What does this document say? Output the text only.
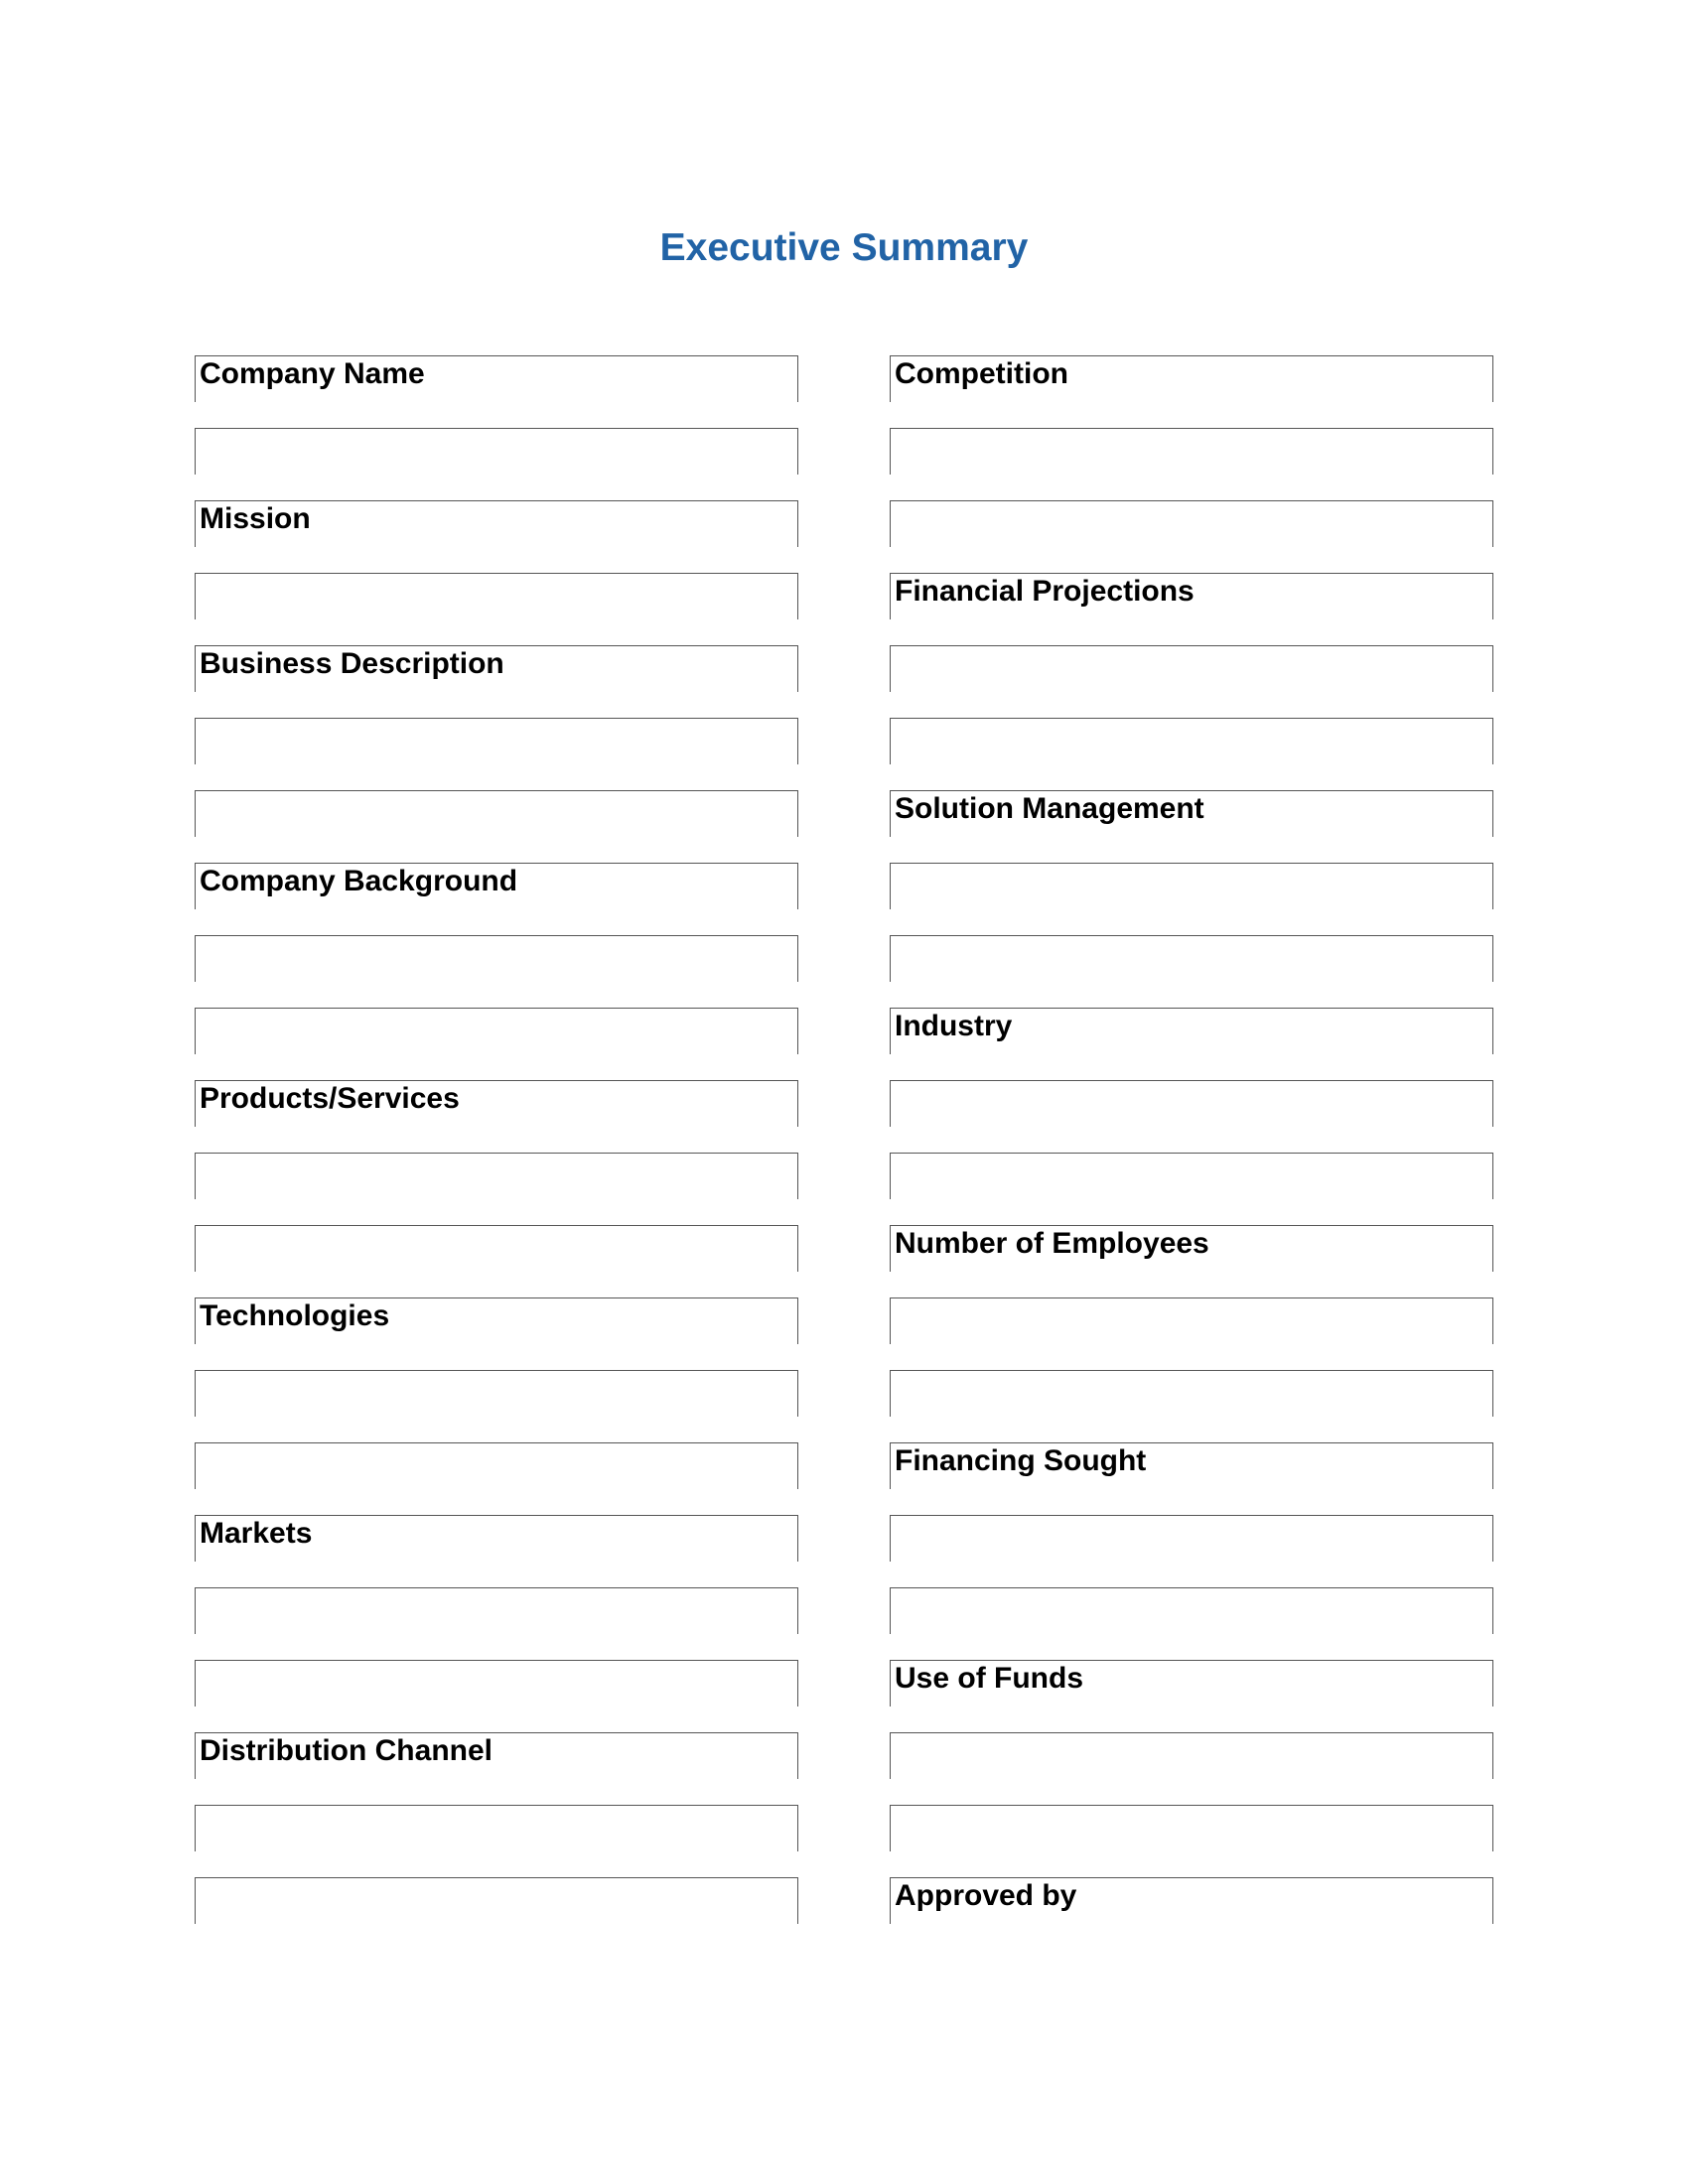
Executive Summary
Company Name
Mission
Business Description
Company Background
Products/Services
Technologies
Markets
Distribution Channel
Competition
Financial Projections
Solution Management
Industry
Number of Employees
Financing Sought
Use of Funds
Approved by
